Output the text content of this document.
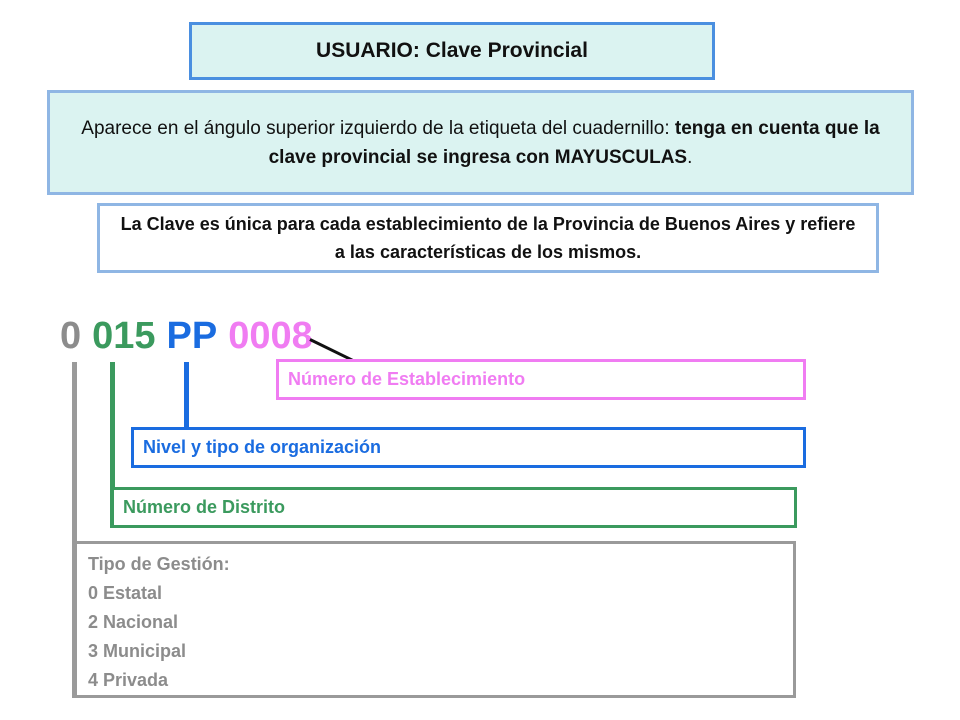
USUARIO: Clave Provincial
Aparece en el ángulo superior izquierdo de la etiqueta del cuadernillo: tenga en cuenta que la clave provincial se ingresa con MAYUSCULAS.
La Clave es única para cada establecimiento de la Provincia de Buenos Aires y refiere a las características de los mismos.
0 015 PP 0008
Número de Establecimiento
Nivel y tipo de organización
Número de Distrito
Tipo de Gestión:
0 Estatal
2 Nacional
3 Municipal
4 Privada
